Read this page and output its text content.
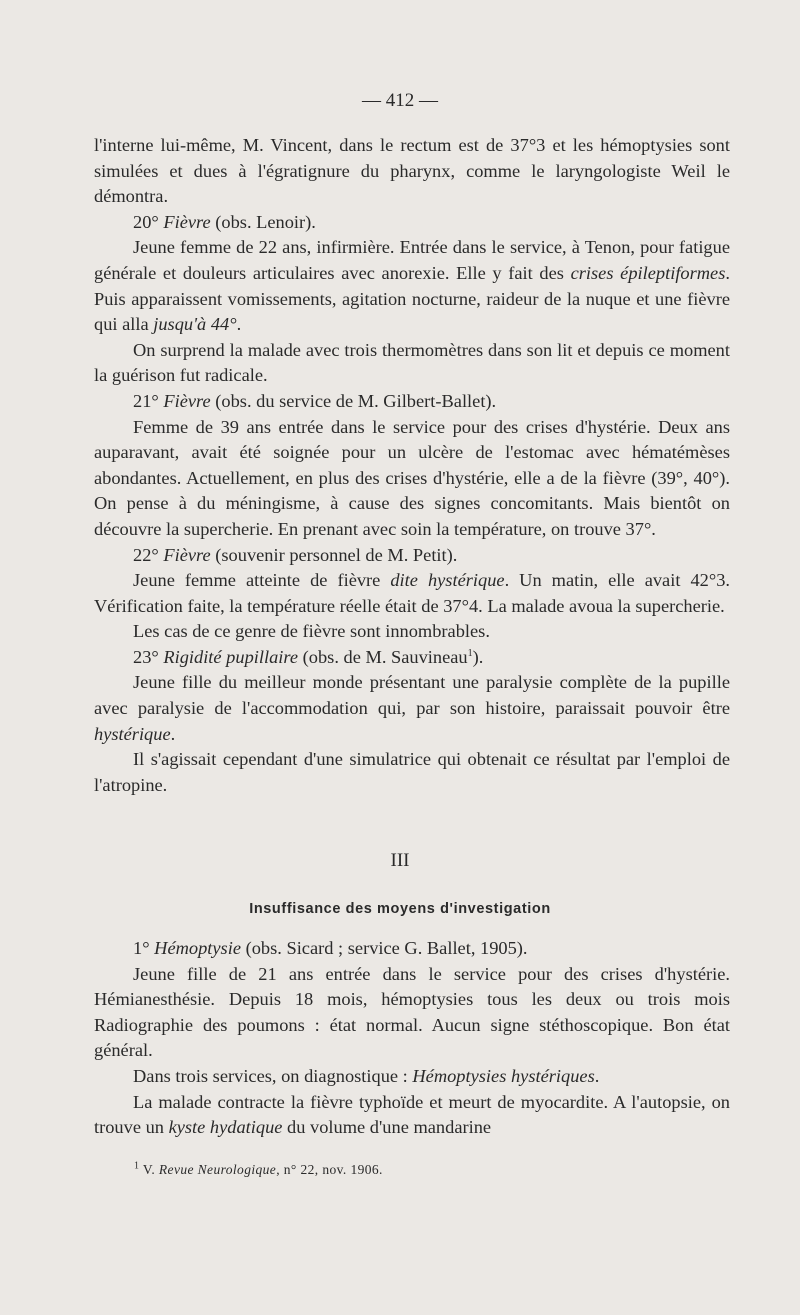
— 412 —

l'interne lui-même, M. Vincent, dans le rectum est de 37°3 et les hémoptysies sont simulées et dues à l'égratignure du pharynx, comme le laryngologiste Weil le démontra.

20° Fièvre (obs. Lenoir).

Jeune femme de 22 ans, infirmière. Entrée dans le service, à Tenon, pour fatigue générale et douleurs articulaires avec anorexie. Elle y fait des crises épileptiformes. Puis apparaissent vomissements, agitation nocturne, raideur de la nuque et une fièvre qui alla jusqu'à 44°.

On surprend la malade avec trois thermomètres dans son lit et depuis ce moment la guérison fut radicale.

21° Fièvre (obs. du service de M. Gilbert-Ballet).

Femme de 39 ans entrée dans le service pour des crises d'hystérie. Deux ans auparavant, avait été soignée pour un ulcère de l'estomac avec hématémèses abondantes. Actuellement, en plus des crises d'hystérie, elle a de la fièvre (39°, 40°). On pense à du méningisme, à cause des signes concomitants. Mais bientôt on découvre la supercherie. En prenant avec soin la température, on trouve 37°.

22° Fièvre (souvenir personnel de M. Petit).

Jeune femme atteinte de fièvre dite hystérique. Un matin, elle avait 42°3. Vérification faite, la température réelle était de 37°4. La malade avoua la supercherie.

Les cas de ce genre de fièvre sont innombrables.

23° Rigidité pupillaire (obs. de M. Sauvineau$^1$).

Jeune fille du meilleur monde présentant une paralysie complète de la pupille avec paralysie de l'accommodation qui, par son histoire, paraissait pouvoir être hystérique.

Il s'agissait cependant d'une simulatrice qui obtenait ce résultat par l'emploi de l'atropine.

III
Insuffisance des moyens d'investigation

1° Hémoptysie (obs. Sicard ; service G. Ballet, 1905).

Jeune fille de 21 ans entrée dans le service pour des crises d'hystérie. Hémianesthésie. Depuis 18 mois, hémoptysies tous les deux ou trois mois Radiographie des poumons : état normal. Aucun signe stéthoscopique. Bon état général.

Dans trois services, on diagnostique : Hémoptysies hystériques.

La malade contracte la fièvre typhoïde et meurt de myocardite. A l'autopsie, on trouve un kyste hydatique du volume d'une mandarine

$^1$ V. Revue Neurologique, n° 22, nov. 1906.
